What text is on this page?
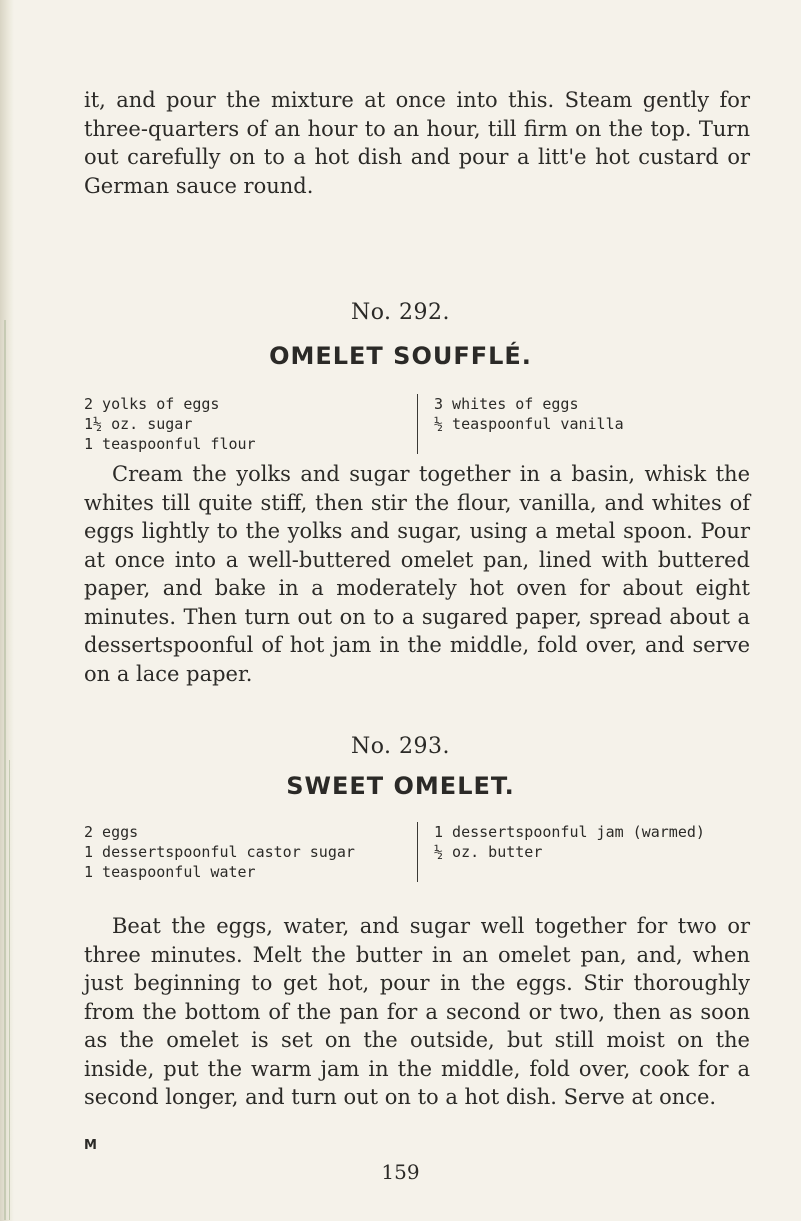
it, and pour the mixture at once into this. Steam gently for three-quarters of an hour to an hour, till firm on the top. Turn out carefully on to a hot dish and pour a litt'e hot custard or German sauce round.

No. 292.

OMELET SOUFFLÉ.

2 yolks of eggs
1½ oz. sugar
1 teaspoonful flour
3 whites of eggs
½ teaspoonful vanilla

Cream the yolks and sugar together in a basin, whisk the whites till quite stiff, then stir the flour, vanilla, and whites of eggs lightly to the yolks and sugar, using a metal spoon. Pour at once into a well-buttered omelet pan, lined with buttered paper, and bake in a moderately hot oven for about eight minutes. Then turn out on to a sugared paper, spread about a dessertspoonful of hot jam in the middle, fold over, and serve on a lace paper.

No. 293.

SWEET OMELET.

2 eggs
1 dessertspoonful castor sugar
1 teaspoonful water
1 dessertspoonful jam (warmed)
½ oz. butter

Beat the eggs, water, and sugar well together for two or three minutes. Melt the butter in an omelet pan, and, when just beginning to get hot, pour in the eggs. Stir thoroughly from the bottom of the pan for a second or two, then as soon as the omelet is set on the outside, but still moist on the inside, put the warm jam in the middle, fold over, cook for a second longer, and turn out on to a hot dish. Serve at once.

M
159
